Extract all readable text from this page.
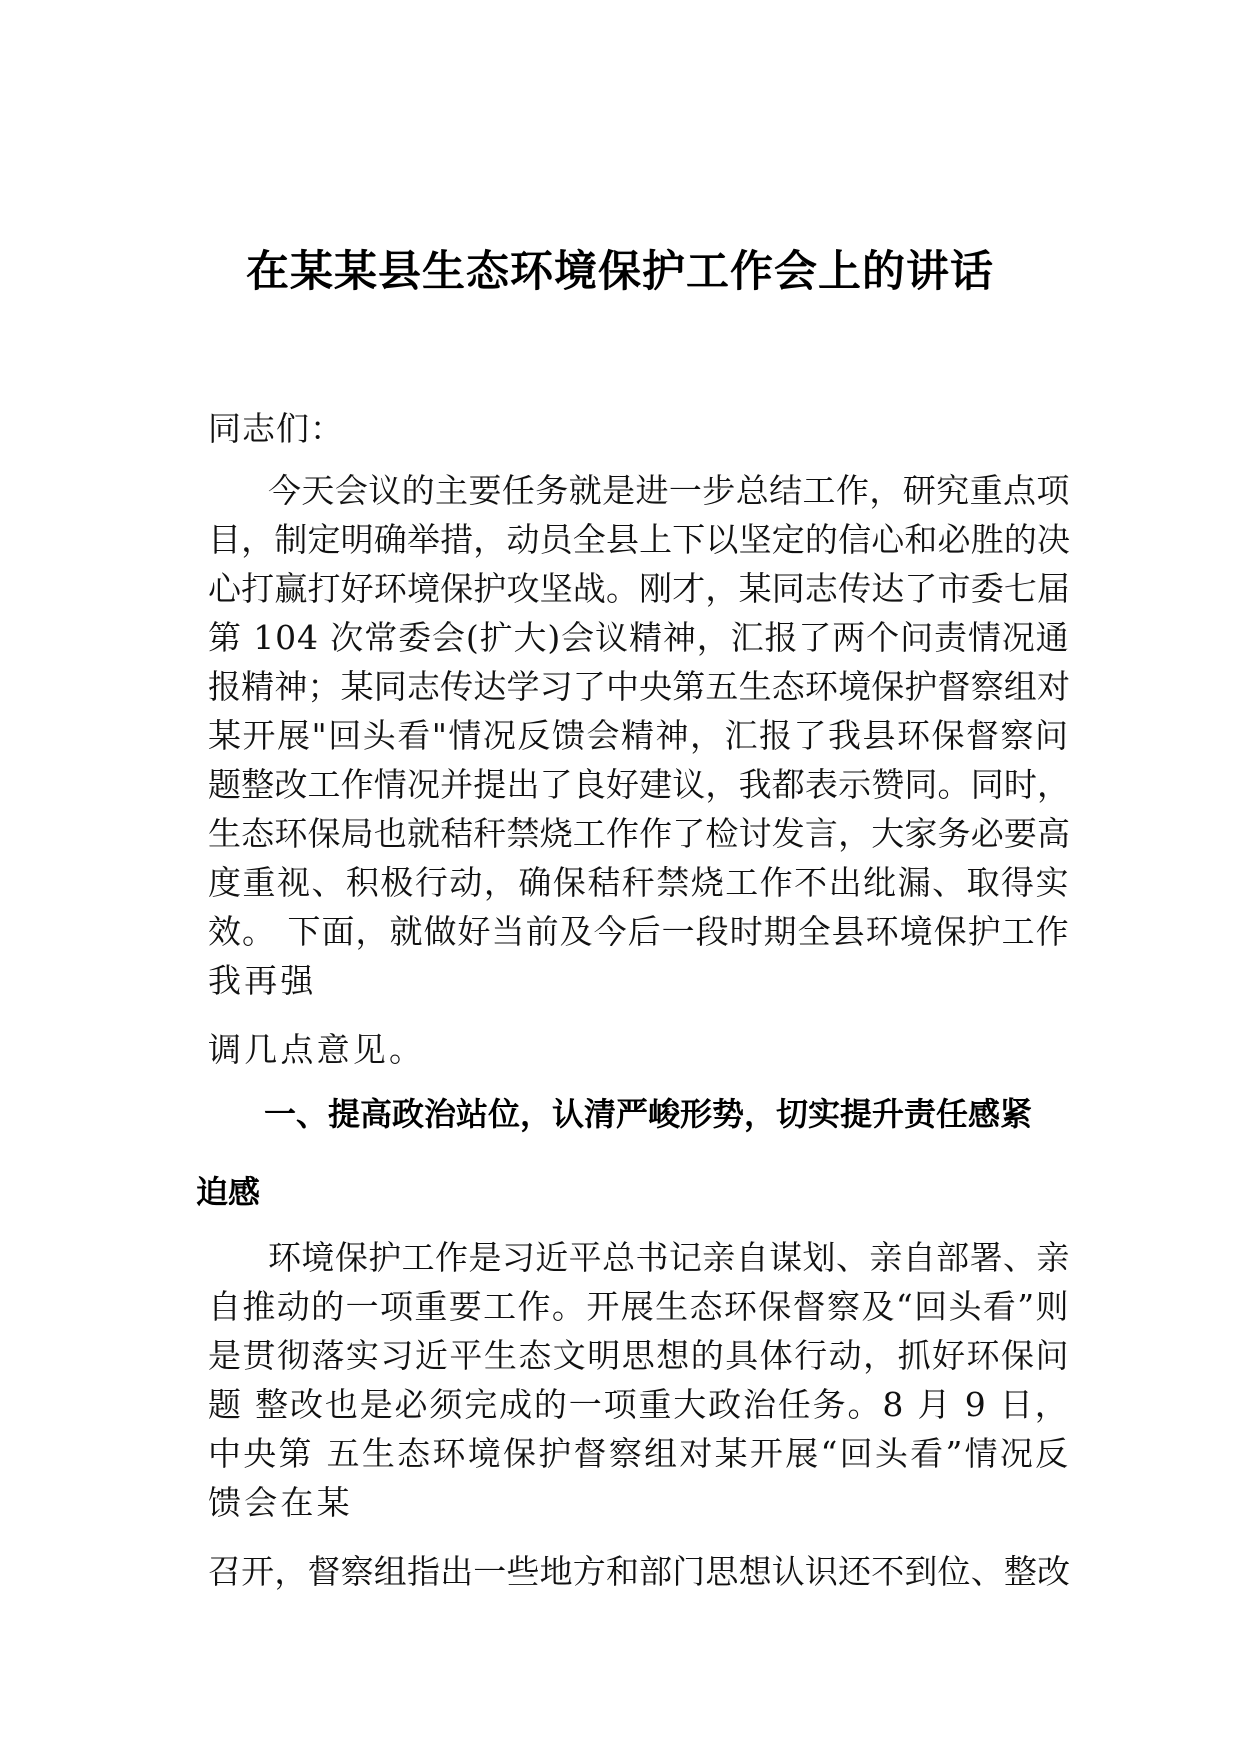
在某某县生态环境保护工作会上的讲话
同志们：
今天会议的主要任务就是进一步总结工作，研究重点项
目，制定明确举措，动员全县上下以坚定的信心和必胜的决
心打赢打好环境保护攻坚战。刚才，某同志传达了市委七届
第 104 次常委会(扩大)会议精神，汇报了两个问责情况通
报精神；某同志传达学习了中央第五生态环境保护督察组对
某开展"回头看"情况反馈会精神，汇报了我县环保督察问
题整改工作情况并提出了良好建议，我都表示赞同。同时，
生态环保局也就秸秆禁烧工作作了检讨发言，大家务必要高
度重视、积极行动，确保秸秆禁烧工作不出纰漏、取得实
效。 下面，就做好当前及今后一段时期全县环境保护工作
我再强
调几点意见。
一、提高政治站位，认清严峻形势，切实提升责任感紧
迫感
环境保护工作是习近平总书记亲自谋划、亲自部署、亲
自推动的一项重要工作。开展生态环保督察及“回头看”则
是贯彻落实习近平生态文明思想的具体行动，抓好环保问
题 整改也是必须完成的一项重大政治任务。8 月 9 日，
中央第 五生态环境保护督察组对某开展“回头看”情况反
馈会在某
召开，督察组指出一些地方和部门思想认识还不到位、整改
